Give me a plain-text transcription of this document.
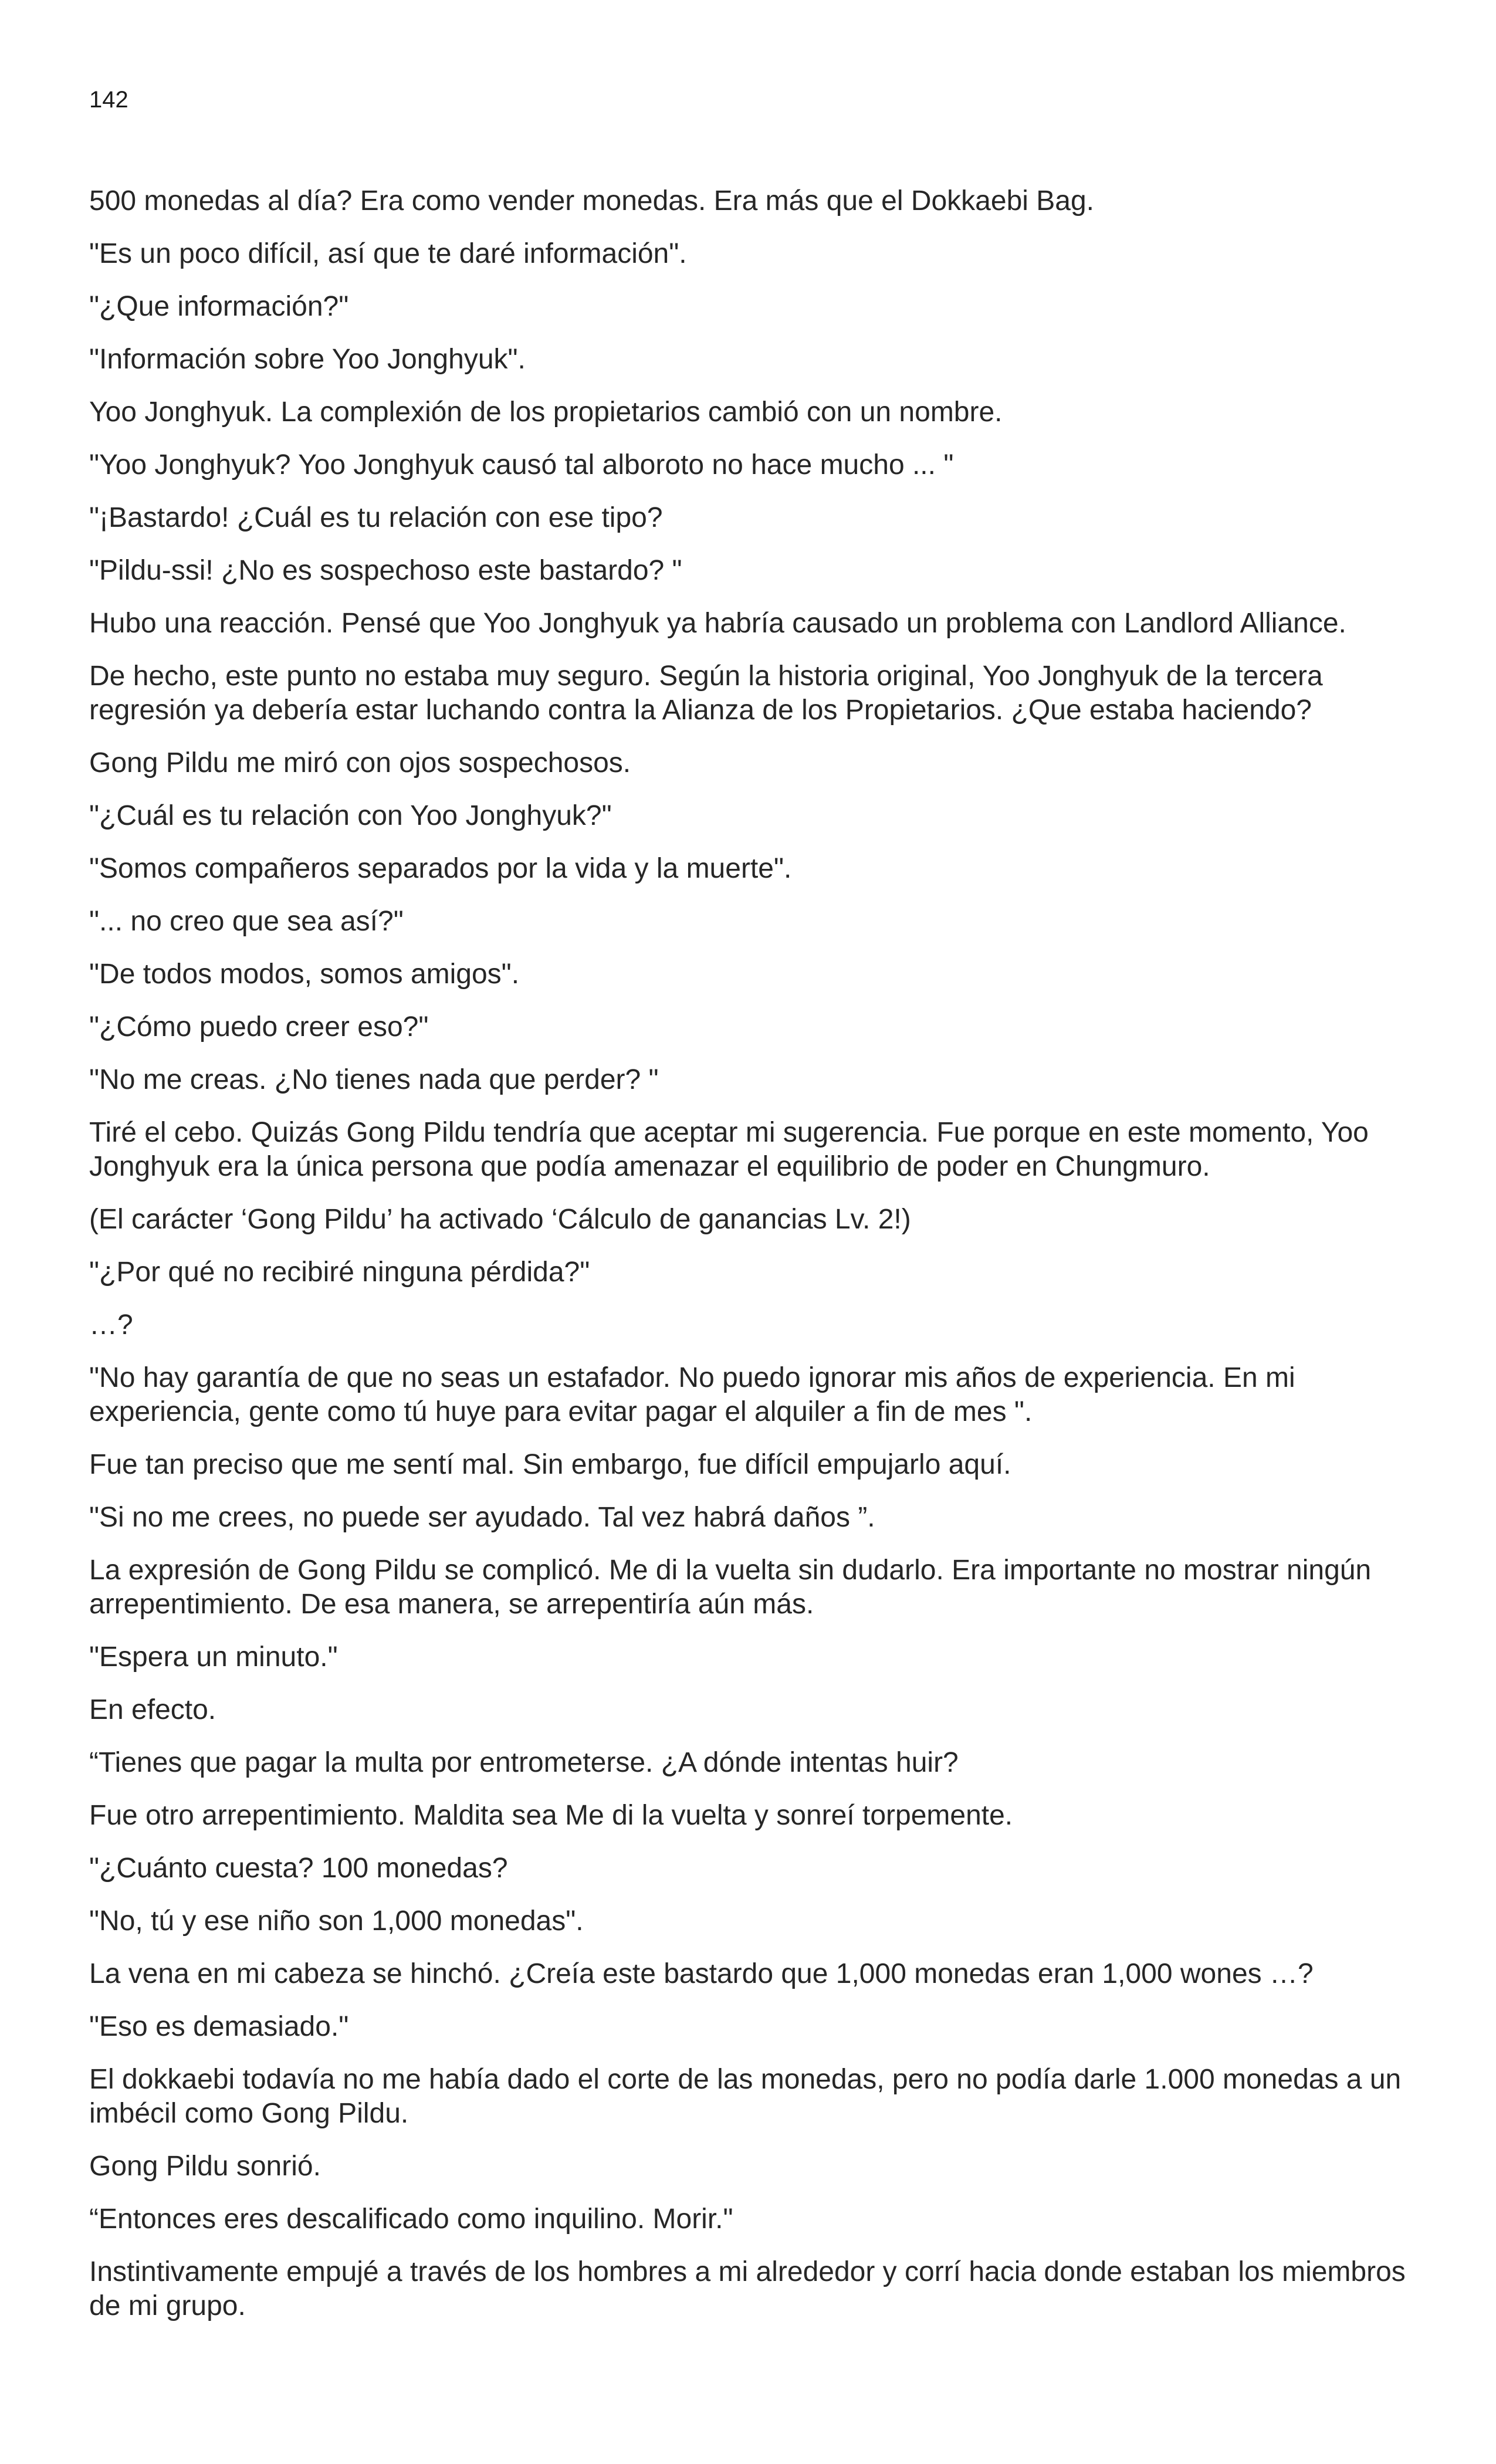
142

500 monedas al día? Era como vender monedas. Era más que el Dokkaebi Bag.

"Es un poco difícil, así que te daré información".

"¿Que información?"

"Información sobre Yoo Jonghyuk".

Yoo Jonghyuk. La complexión de los propietarios cambió con un nombre.

"Yoo Jonghyuk? Yoo Jonghyuk causó tal alboroto no hace mucho ... "

"¡Bastardo! ¿Cuál es tu relación con ese tipo?

"Pildu-ssi! ¿No es sospechoso este bastardo? "

Hubo una reacción. Pensé que Yoo Jonghyuk ya habría causado un problema con Landlord Alliance.

De hecho, este punto no estaba muy seguro. Según la historia original, Yoo Jonghyuk de la tercera regresión ya debería estar luchando contra la Alianza de los Propietarios. ¿Que estaba haciendo?

Gong Pildu me miró con ojos sospechosos.

"¿Cuál es tu relación con Yoo Jonghyuk?"

"Somos compañeros separados por la vida y la muerte".

"... no creo que sea así?"

"De todos modos, somos amigos".

"¿Cómo puedo creer eso?"

"No me creas. ¿No tienes nada que perder? "

Tiré el cebo. Quizás Gong Pildu tendría que aceptar mi sugerencia. Fue porque en este momento, Yoo Jonghyuk era la única persona que podía amenazar el equilibrio de poder en Chungmuro.

(El carácter ‘Gong Pildu’ ha activado ‘Cálculo de ganancias Lv. 2!)

"¿Por qué no recibiré ninguna pérdida?"

…?

"No hay garantía de que no seas un estafador. No puedo ignorar mis años de experiencia. En mi experiencia, gente como tú huye para evitar pagar el alquiler a fin de mes ".

Fue tan preciso que me sentí mal. Sin embargo, fue difícil empujarlo aquí.

"Si no me crees, no puede ser ayudado. Tal vez habrá daños ”.

La expresión de Gong Pildu se complicó. Me di la vuelta sin dudarlo. Era importante no mostrar ningún arrepentimiento. De esa manera, se arrepentiría aún más.

"Espera un minuto."

En efecto.

“Tienes que pagar la multa por entrometerse. ¿A dónde intentas huir?

Fue otro arrepentimiento. Maldita sea Me di la vuelta y sonreí torpemente.

"¿Cuánto cuesta? 100 monedas?

"No, tú y ese niño son 1,000 monedas".

La vena en mi cabeza se hinchó. ¿Creía este bastardo que 1,000 monedas eran 1,000 wones …?

"Eso es demasiado."

El dokkaebi todavía no me había dado el corte de las monedas, pero no podía darle 1.000 monedas a un imbécil como Gong Pildu.

Gong Pildu sonrió.

“Entonces eres descalificado como inquilino. Morir."

Instintivamente empujé a través de los hombres a mi alrededor y corrí hacia donde estaban los miembros de mi grupo.
